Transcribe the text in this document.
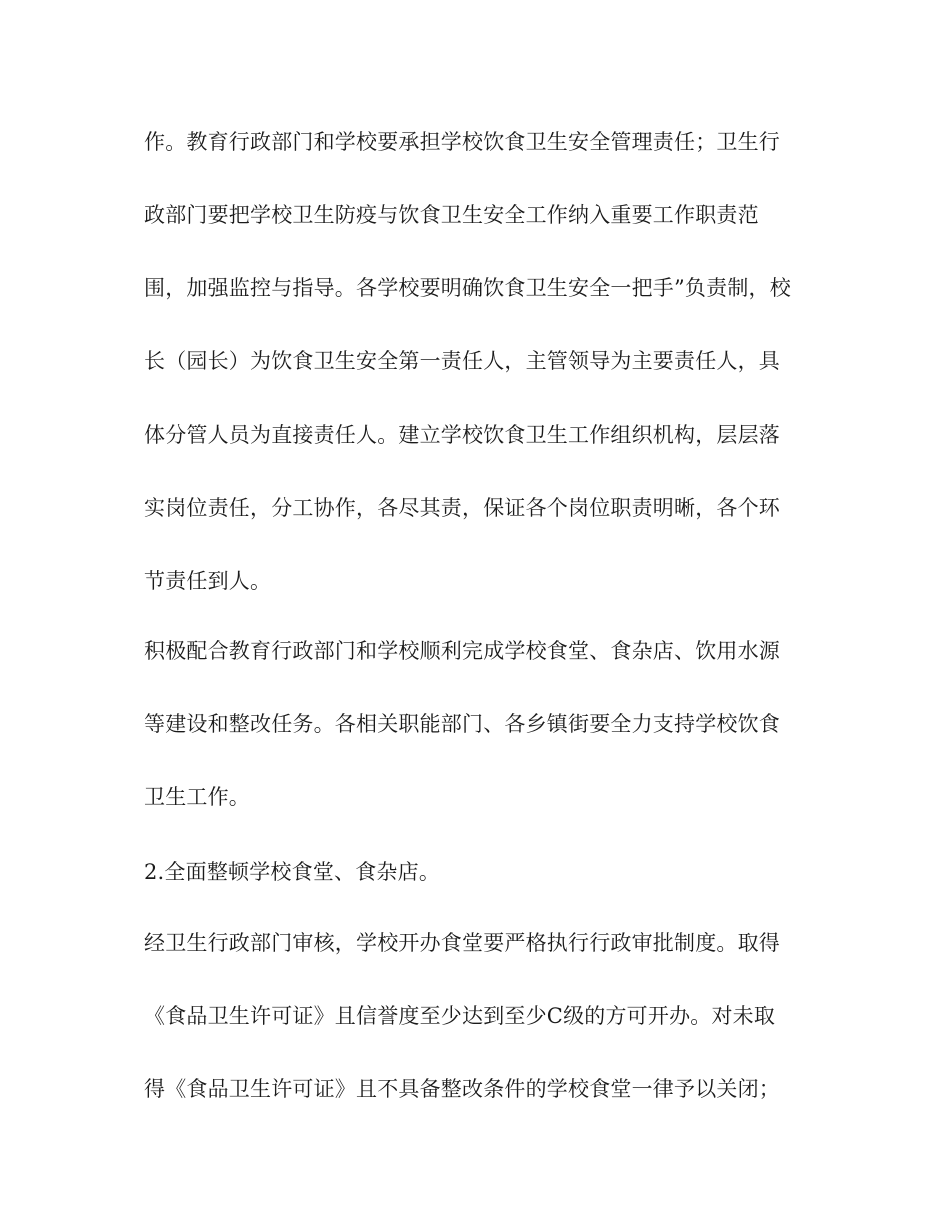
作。教育行政部门和学校要承担学校饮食卫生安全管理责任；卫生行
政部门要把学校卫生防疫与饮食卫生安全工作纳入重要工作职责范
围，加强监控与指导。各学校要明确饮食卫生安全一把手”负责制，校
长（园长）为饮食卫生安全第一责任人，主管领导为主要责任人，具
体分管人员为直接责任人。建立学校饮食卫生工作组织机构，层层落
实岗位责任，分工协作，各尽其责，保证各个岗位职责明晰，各个环
节责任到人。
积极配合教育行政部门和学校顺利完成学校食堂、食杂店、饮用水源
等建设和整改任务。各相关职能部门、各乡镇街要全力支持学校饮食
卫生工作。
2.全面整顿学校食堂、食杂店。
经卫生行政部门审核，学校开办食堂要严格执行行政审批制度。取得
《食品卫生许可证》且信誉度至少达到至少C级的方可开办。对未取
得《食品卫生许可证》且不具备整改条件的学校食堂一律予以关闭；
